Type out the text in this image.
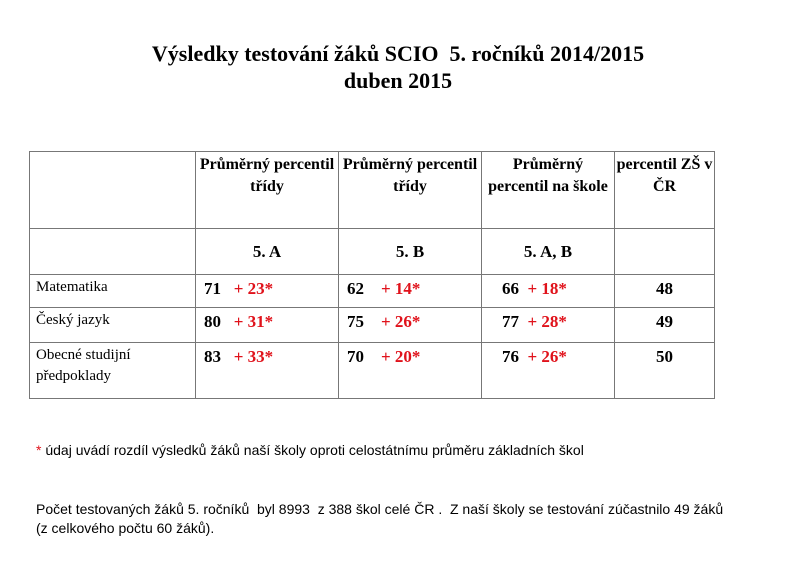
Výsledky testování žáků SCIO  5. ročníků 2014/2015
duben 2015
	Průměrný percentil třídy	Průměrný percentil třídy	Průměrný percentil na škole	percentil ZŠ v ČR
	5. A	5. B	5. A, B	
Matematika	71 + 23*	62 + 14*	66 + 18*	48
Český jazyk	80 + 31*	75 + 26*	77 + 28*	49
Obecné studijní předpoklady	83 + 33*	70 + 20*	76 + 26*	50
* údaj uvádí rozdíl výsledků žáků naší školy oproti celostátnímu průměru základních škol
Počet testovaných žáků 5. ročníků  byl 8993  z 388 škol celé ČR .  Z naší školy se testování zúčastnilo 49 žáků
(z celkového počtu 60 žáků).
